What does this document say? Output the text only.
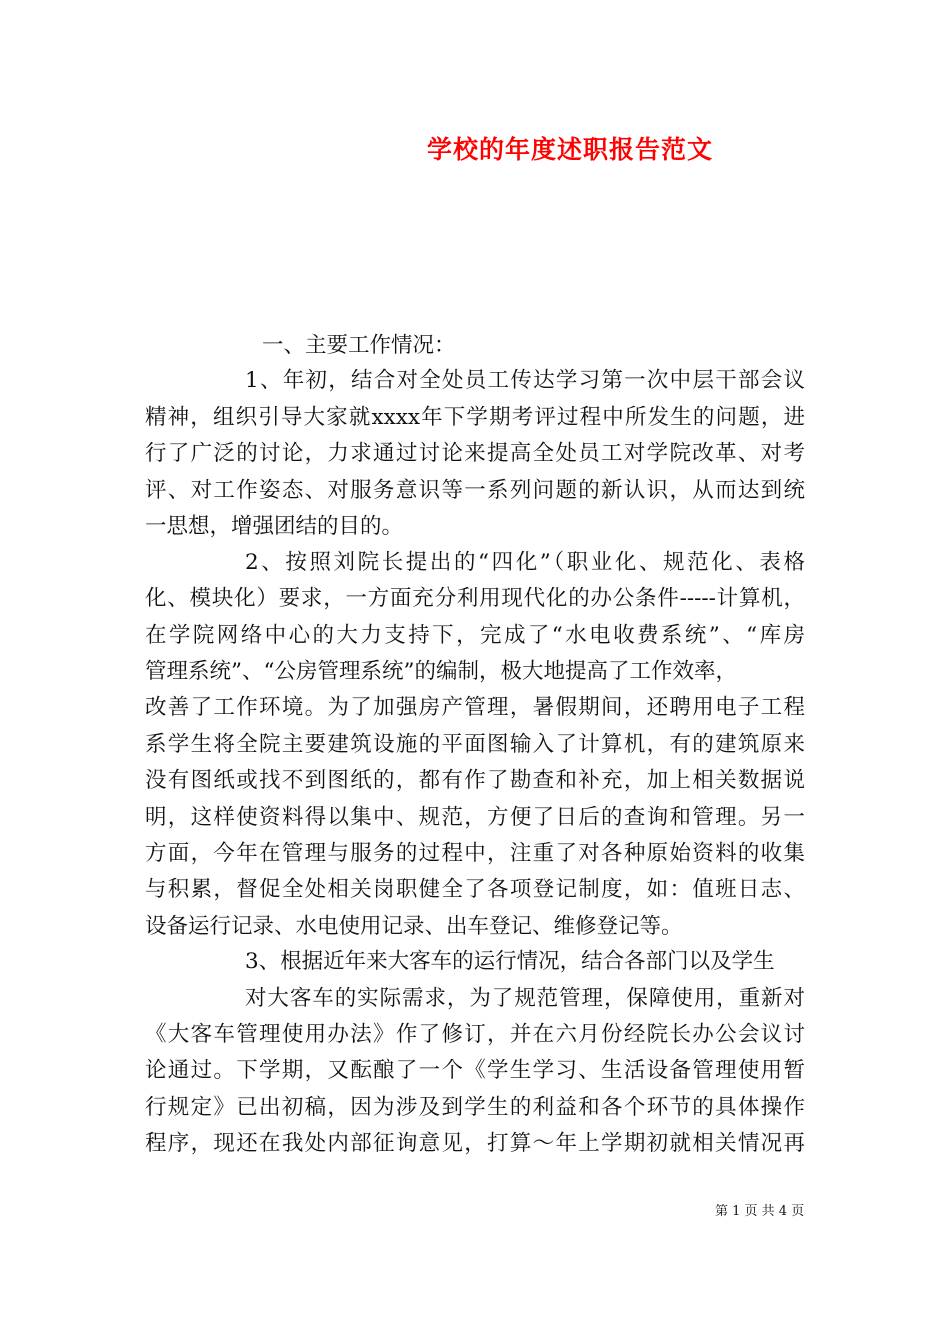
学校的年度述职报告范文

一、主要工作情况：

1、年初，结合对全处员工传达学习第一次中层干部会议

精神，组织引导大家就xxxx年下学期考评过程中所发生的问题，进

行了广泛的讨论，力求通过讨论来提高全处员工对学院改革、对考

评、对工作姿态、对服务意识等一系列问题的新认识，从而达到统

一思想，增强团结的目的。

2、按照刘院长提出的“四化”（职业化、规范化、表格

化、模块化）要求，一方面充分利用现代化的办公条件-----计算机，

在学院网络中心的大力支持下，完成了“水电收费系统”、“库房

管理系统”、“公房管理系统”的编制，极大地提高了工作效率，

改善了工作环境。为了加强房产管理，暑假期间，还聘用电子工程

系学生将全院主要建筑设施的平面图输入了计算机，有的建筑原来

没有图纸或找不到图纸的，都有作了勘查和补充，加上相关数据说

明，这样使资料得以集中、规范，方便了日后的查询和管理。另一

方面，今年在管理与服务的过程中，注重了对各种原始资料的收集

与积累，督促全处相关岗职健全了各项登记制度，如：值班日志、

设备运行记录、水电使用记录、出车登记、维修登记等。

3、根据近年来大客车的运行情况，结合各部门以及学生

对大客车的实际需求，为了规范管理，保障使用，重新对

《大客车管理使用办法》作了修订，并在六月份经院长办公会议讨

论通过。下学期，又酝酿了一个《学生学习、生活设备管理使用暂

行规定》已出初稿，因为涉及到学生的利益和各个环节的具体操作

程序，现还在我处内部征询意见，打算～年上学期初就相关情况再

第 1 页 共 4 页
